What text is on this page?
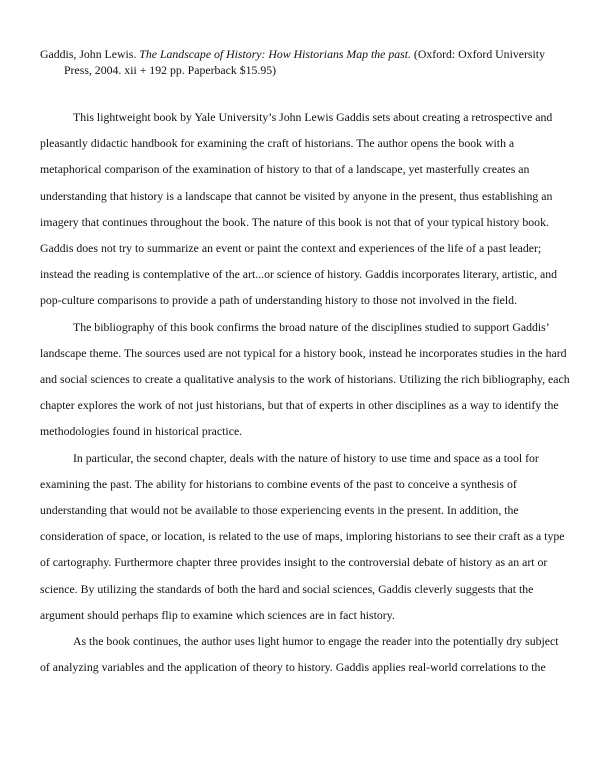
Gaddis, John Lewis. The Landscape of History: How Historians Map the past. (Oxford: Oxford University
Press, 2004. xii + 192 pp. Paperback $15.95)

This lightweight book by Yale University’s John Lewis Gaddis sets about creating a retrospective and
pleasantly didactic handbook for examining the craft of historians. The author opens the book with a
metaphorical comparison of the examination of history to that of a landscape, yet masterfully creates an
understanding that history is a landscape that cannot be visited by anyone in the present, thus establishing an
imagery that continues throughout the book. The nature of this book is not that of your typical history book.
Gaddis does not try to summarize an event or paint the context and experiences of the life of a past leader;
instead the reading is contemplative of the art...or science of history. Gaddis incorporates literary, artistic, and
pop-culture comparisons to provide a path of understanding history to those not involved in the field.
The bibliography of this book confirms the broad nature of the disciplines studied to support Gaddis’
landscape theme. The sources used are not typical for a history book, instead he incorporates studies in the hard
and social sciences to create a qualitative analysis to the work of historians. Utilizing the rich bibliography, each
chapter explores the work of not just historians, but that of experts in other disciplines as a way to identify the
methodologies found in historical practice.
In particular, the second chapter, deals with the nature of history to use time and space as a tool for
examining the past. The ability for historians to combine events of the past to conceive a synthesis of
understanding that would not be available to those experiencing events in the present. In addition, the
consideration of space, or location, is related to the use of maps, imploring historians to see their craft as a type
of cartography. Furthermore chapter three provides insight to the controversial debate of history as an art or
science. By utilizing the standards of both the hard and social sciences, Gaddis cleverly suggests that the
argument should perhaps flip to examine which sciences are in fact history.
As the book continues, the author uses light humor to engage the reader into the potentially dry subject
of analyzing variables and the application of theory to history. Gaddis applies real-world correlations to the
